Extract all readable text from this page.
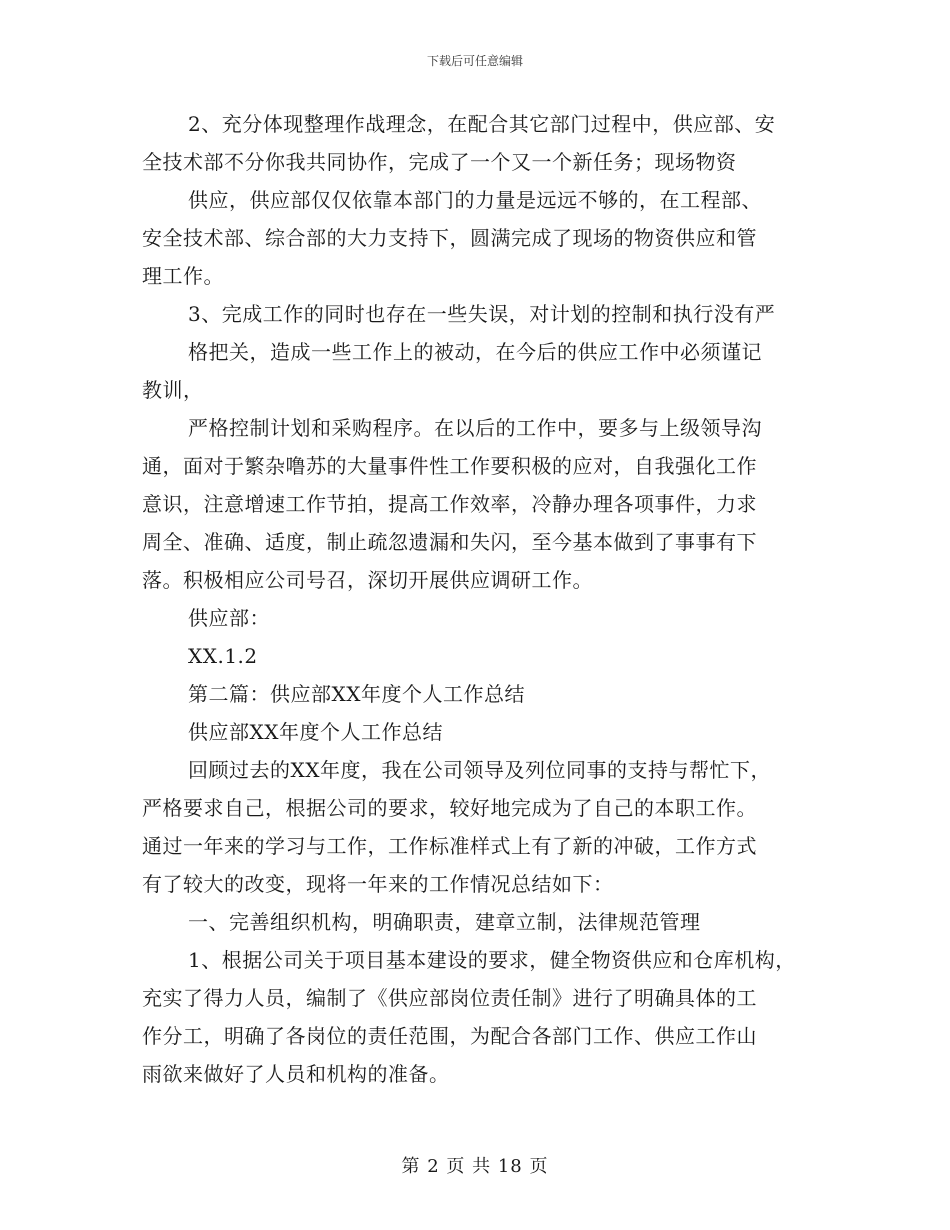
下载后可任意编辑
2、充分体现整理作战理念，在配合其它部门过程中，供应部、安
全技术部不分你我共同协作，完成了一个又一个新任务；现场物资
供应，供应部仅仅依靠本部门的力量是远远不够的，在工程部、
安全技术部、综合部的大力支持下，圆满完成了现场的物资供应和管
理工作。
3、完成工作的同时也存在一些失误，对计划的控制和执行没有严
格把关，造成一些工作上的被动，在今后的供应工作中必须谨记
教训，
严格控制计划和采购程序。在以后的工作中，要多与上级领导沟
通，面对于繁杂噜苏的大量事件性工作要积极的应对，自我强化工作
意识，注意增速工作节拍，提高工作效率，冷静办理各项事件，力求
周全、准确、适度，制止疏忽遗漏和失闪，至今基本做到了事事有下
落。积极相应公司号召，深切开展供应调研工作。
供应部：
XX.1.2
第二篇：供应部XX年度个人工作总结
供应部XX年度个人工作总结
回顾过去的XX年度，我在公司领导及列位同事的支持与帮忙下，
严格要求自己，根据公司的要求，较好地完成为了自己的本职工作。
通过一年来的学习与工作，工作标准样式上有了新的冲破，工作方式
有了较大的改变，现将一年来的工作情况总结如下：
一、完善组织机构，明确职责，建章立制，法律规范管理
1、根据公司关于项目基本建设的要求，健全物资供应和仓库机构，
充实了得力人员，编制了《供应部岗位责任制》进行了明确具体的工
作分工，明确了各岗位的责任范围，为配合各部门工作、供应工作山
雨欲来做好了人员和机构的准备。
第 2 页 共 18 页
